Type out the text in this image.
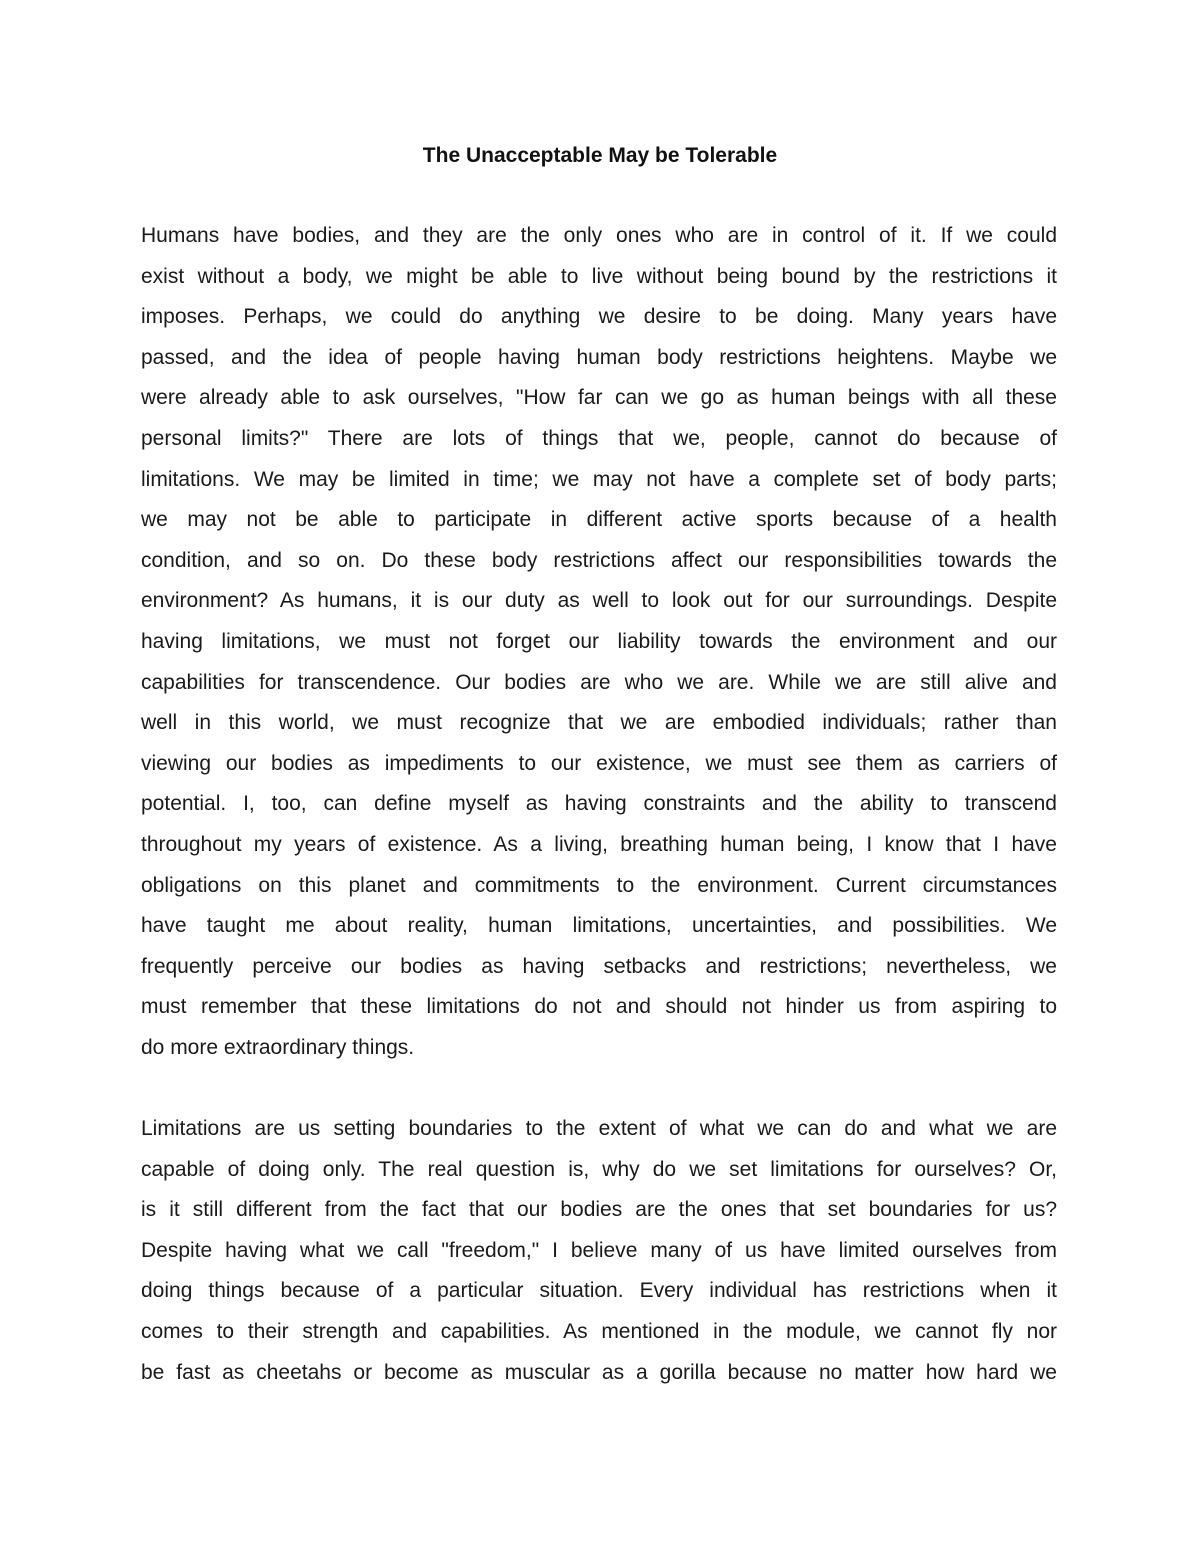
The Unacceptable May be Tolerable
Humans have bodies, and they are the only ones who are in control of it. If we could
exist without a body, we might be able to live without being bound by the restrictions it
imposes. Perhaps, we could do anything we desire to be doing. Many years have
passed, and the idea of people having human body restrictions heightens. Maybe we
were already able to ask ourselves, "How far can we go as human beings with all these
personal limits?" There are lots of things that we, people, cannot do because of
limitations. We may be limited in time; we may not have a complete set of body parts;
we may not be able to participate in different active sports because of a health
condition, and so on. Do these body restrictions affect our responsibilities towards the
environment? As humans, it is our duty as well to look out for our surroundings. Despite
having limitations, we must not forget our liability towards the environment and our
capabilities for transcendence. Our bodies are who we are. While we are still alive and
well in this world, we must recognize that we are embodied individuals; rather than
viewing our bodies as impediments to our existence, we must see them as carriers of
potential. I, too, can define myself as having constraints and the ability to transcend
throughout my years of existence. As a living, breathing human being, I know that I have
obligations on this planet and commitments to the environment. Current circumstances
have taught me about reality, human limitations, uncertainties, and possibilities. We
frequently perceive our bodies as having setbacks and restrictions; nevertheless, we
must remember that these limitations do not and should not hinder us from aspiring to
do more extraordinary things.
Limitations are us setting boundaries to the extent of what we can do and what we are
capable of doing only. The real question is, why do we set limitations for ourselves? Or,
is it still different from the fact that our bodies are the ones that set boundaries for us?
Despite having what we call "freedom," I believe many of us have limited ourselves from
doing things because of a particular situation. Every individual has restrictions when it
comes to their strength and capabilities. As mentioned in the module, we cannot fly nor
be fast as cheetahs or become as muscular as a gorilla because no matter how hard we
